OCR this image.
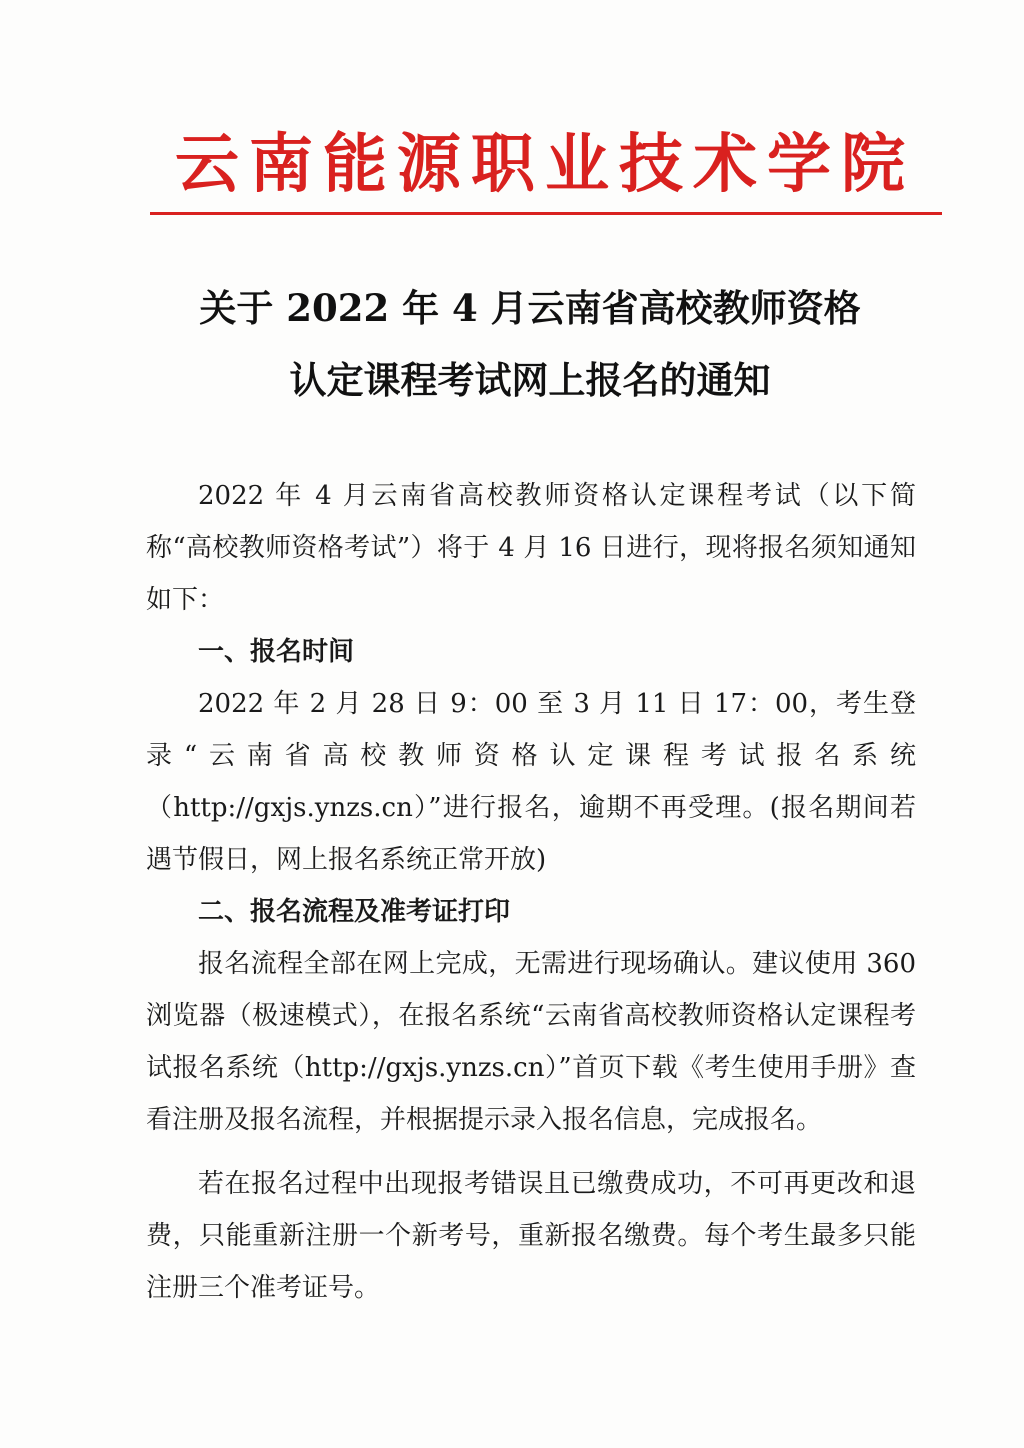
云南能源职业技术学院
关于 2022 年 4 月云南省高校教师资格
认定课程考试网上报名的通知

2022 年 4 月云南省高校教师资格认定课程考试（以下简称“高校教师资格考试”）将于 4 月 16 日进行，现将报名须知通知如下：

一、报名时间

2022 年 2 月 28 日 9：00 至 3 月 11 日 17：00，考生登录“云南省高校教师资格认定课程考试报名系统（http://gxjs.ynzs.cn）”进行报名，逾期不再受理。(报名期间若遇节假日，网上报名系统正常开放)

二、报名流程及准考证打印

报名流程全部在网上完成，无需进行现场确认。建议使用 360 浏览器（极速模式），在报名系统“云南省高校教师资格认定课程考试报名系统（http://gxjs.ynzs.cn）”首页下载《考生使用手册》查看注册及报名流程，并根据提示录入报名信息，完成报名。

若在报名过程中出现报考错误且已缴费成功，不可再更改和退费，只能重新注册一个新考号，重新报名缴费。每个考生最多只能注册三个准考证号。
